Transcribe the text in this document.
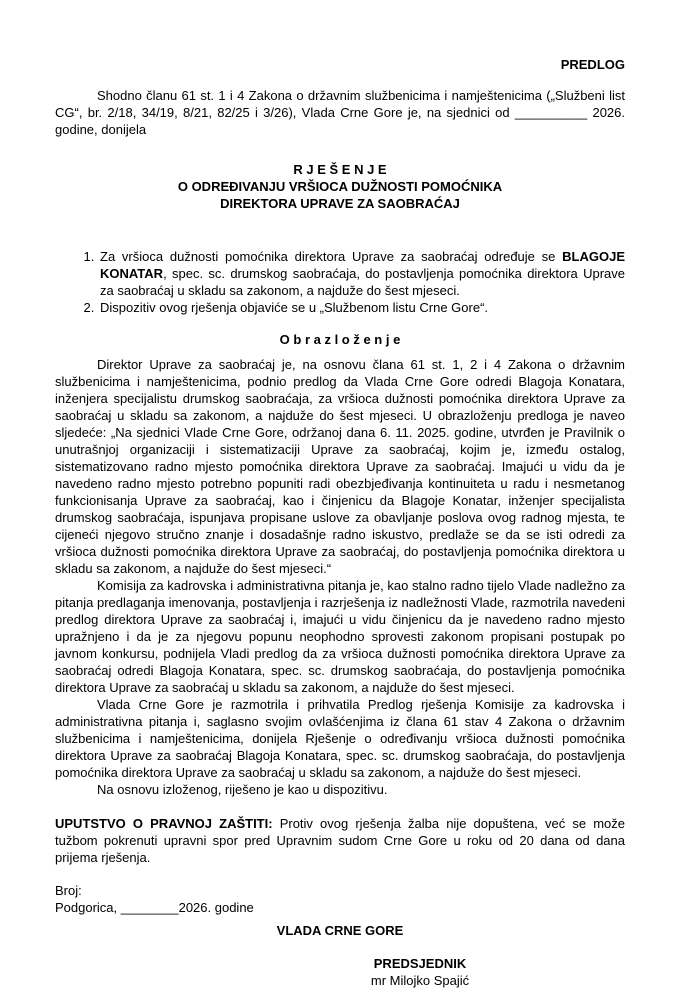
PREDLOG

Shodno članu 61 st. 1 i 4 Zakona o državnim službenicima i namještenicima („Službeni list CG“, br. 2/18, 34/19, 8/21, 82/25 i 3/26), Vlada Crne Gore je, na sjednici od __________ 2026. godine, donijela

R J E Š E N J E
O ODREĐIVANJU VRŠIOCA DUŽNOSTI POMOĆNIKA
DIREKTORA UPRAVE ZA SAOBRAĆAJ
1. Za vršioca dužnosti pomoćnika direktora Uprave za saobraćaj određuje se BLAGOJE KONATAR, spec. sc. drumskog saobraćaja, do postavljenja pomoćnika direktora Uprave za saobraćaj u skladu sa zakonom, a najduže do šest mjeseci.
2. Dispozitiv ovog rješenja objaviće se u „Službenom listu Crne Gore“.
O b r a z l o ž e n j e

Direktor Uprave za saobraćaj je, na osnovu člana 61 st. 1, 2 i 4 Zakona o državnim službenicima i namještenicima, podnio predlog da Vlada Crne Gore odredi Blagoja Konatara, inženjera specijalistu drumskog saobraćaja, za vršioca dužnosti pomoćnika direktora Uprave za saobraćaj u skladu sa zakonom, a najduže do šest mjeseci. U obrazloženju predloga je naveo sljedeće: „Na sjednici Vlade Crne Gore, održanoj dana 6. 11. 2025. godine, utvrđen je Pravilnik o unutrašnjoj organizaciji i sistematizaciji Uprave za saobraćaj, kojim je, između ostalog, sistematizovano radno mjesto pomoćnika direktora Uprave za saobraćaj. Imajući u vidu da je navedeno radno mjesto potrebno popuniti radi obezbjeđivanja kontinuiteta u radu i nesmetanog funkcionisanja Uprave za saobraćaj, kao i činjenicu da Blagoje Konatar, inženjer specijalista drumskog saobraćaja, ispunjava propisane uslove za obavljanje poslova ovog radnog mjesta, te cijeneći njegovo stručno znanje i dosadašnje radno iskustvo, predlaže se da se isti odredi za vršioca dužnosti pomoćnika direktora Uprave za saobraćaj, do postavljenja pomoćnika direktora u skladu sa zakonom, a najduže do šest mjeseci.“

Komisija za kadrovska i administrativna pitanja je, kao stalno radno tijelo Vlade nadležno za pitanja predlaganja imenovanja, postavljenja i razrješenja iz nadležnosti Vlade, razmotrila navedeni predlog direktora Uprave za saobraćaj i, imajući u vidu činjenicu da je navedeno radno mjesto upražnjeno i da je za njegovu popunu neophodno sprovesti zakonom propisani postupak po javnom konkursu, podnijela Vladi predlog da za vršioca dužnosti pomoćnika direktora Uprave za saobraćaj odredi Blagoja Konatara, spec. sc. drumskog saobraćaja, do postavljenja pomoćnika direktora Uprave za saobraćaj u skladu sa zakonom, a najduže do šest mjeseci.

Vlada Crne Gore je razmotrila i prihvatila Predlog rješenja Komisije za kadrovska i administrativna pitanja i, saglasno svojim ovlašćenjima iz člana 61 stav 4 Zakona o državnim službenicima i namještenicima, donijela Rješenje o određivanju vršioca dužnosti pomoćnika direktora Uprave za saobraćaj Blagoja Konatara, spec. sc. drumskog saobraćaja, do postavljenja pomoćnika direktora Uprave za saobraćaj u skladu sa zakonom, a najduže do šest mjeseci.

Na osnovu izloženog, riješeno je kao u dispozitivu.

UPUTSTVO O PRAVNOJ ZAŠTITI: Protiv ovog rješenja žalba nije dopuštena, već se može tužbom pokrenuti upravni spor pred Upravnim sudom Crne Gore u roku od 20 dana od dana prijema rješenja.

Broj:
Podgorica, ________2026. godine
VLADA CRNE GORE
PREDSJEDNIK
mr Milojko Spajić
